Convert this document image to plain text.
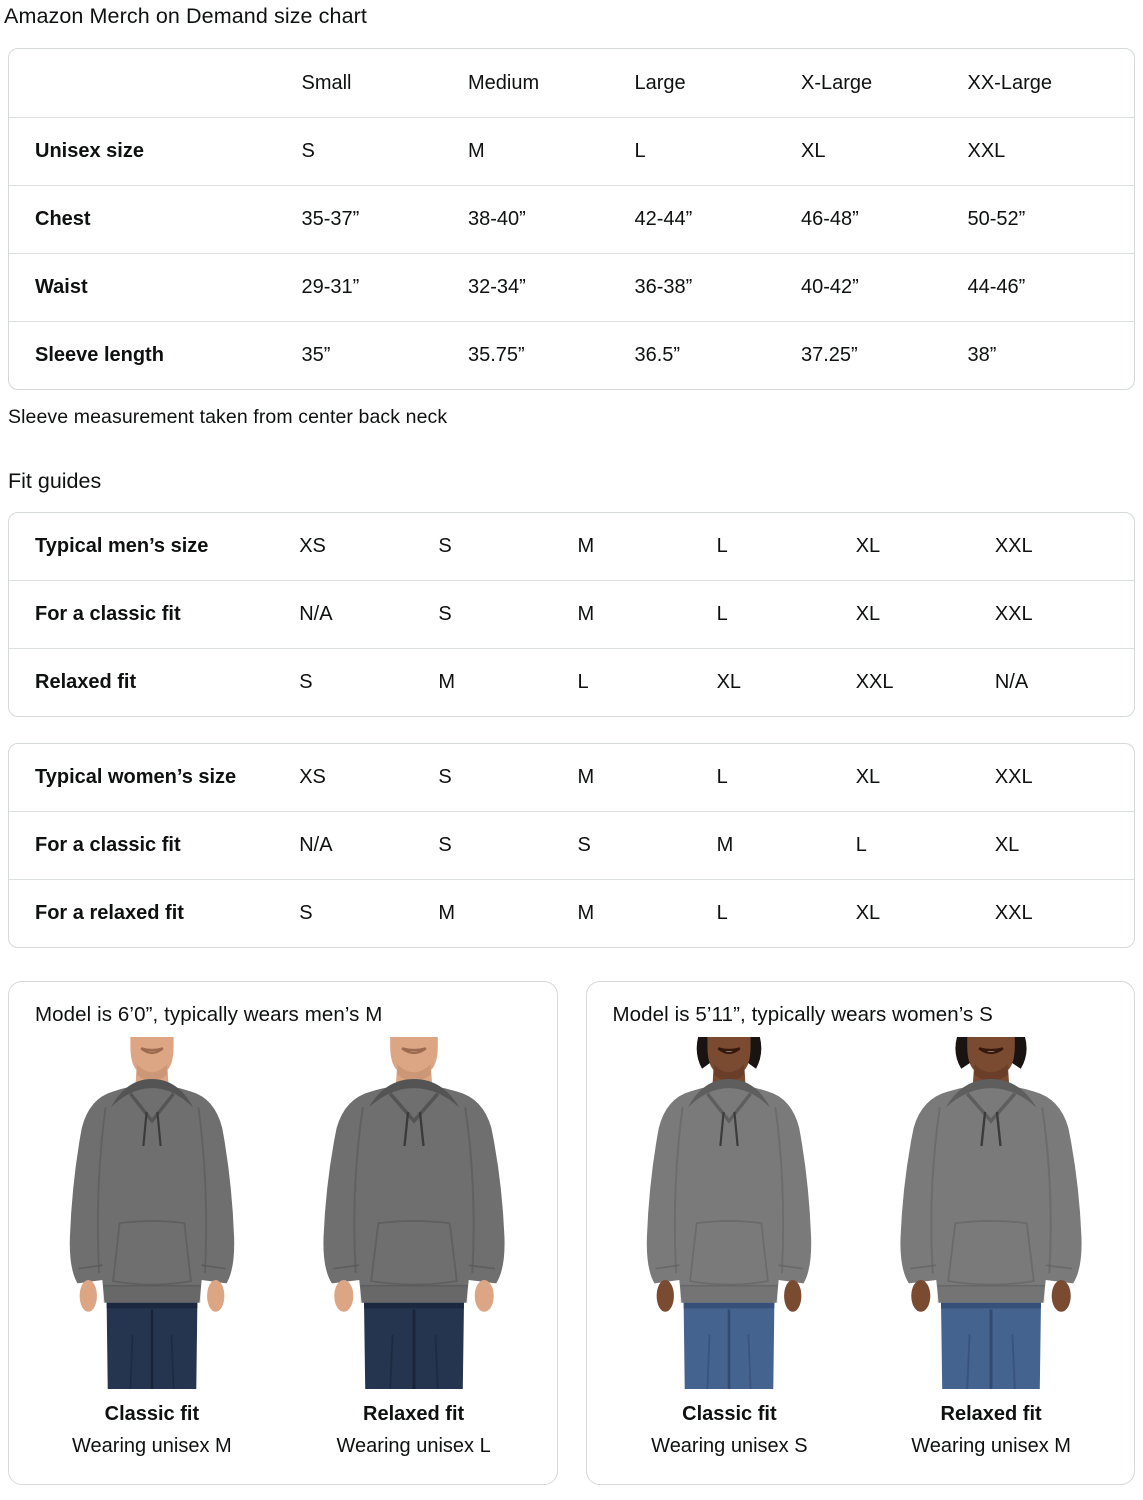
Amazon Merch on Demand size chart
	Small	Medium	Large	X-Large	XX-Large
Unisex size	S	M	L	XL	XXL
Chest	35-37”	38-40”	42-44”	46-48”	50-52”
Waist	29-31”	32-34”	36-38”	40-42”	44-46”
Sleeve length	35”	35.75”	36.5”	37.25”	38”

Sleeve measurement taken from center back neck

Fit guides
Typical men’s size	XS	S	M	L	XL	XXL
For a classic fit	N/A	S	M	L	XL	XXL
Relaxed fit	S	M	L	XL	XXL	N/A
Typical women’s size	XS	S	M	L	XL	XXL
For a classic fit	N/A	S	S	M	L	XL
For a relaxed fit	S	M	M	L	XL	XXL

Model is 6’0”, typically wears men’s M

Classic fit
Wearing unisex M
Relaxed fit
Wearing unisex L

Model is 5’11”, typically wears women’s S

Classic fit
Wearing unisex S
Relaxed fit
Wearing unisex M
